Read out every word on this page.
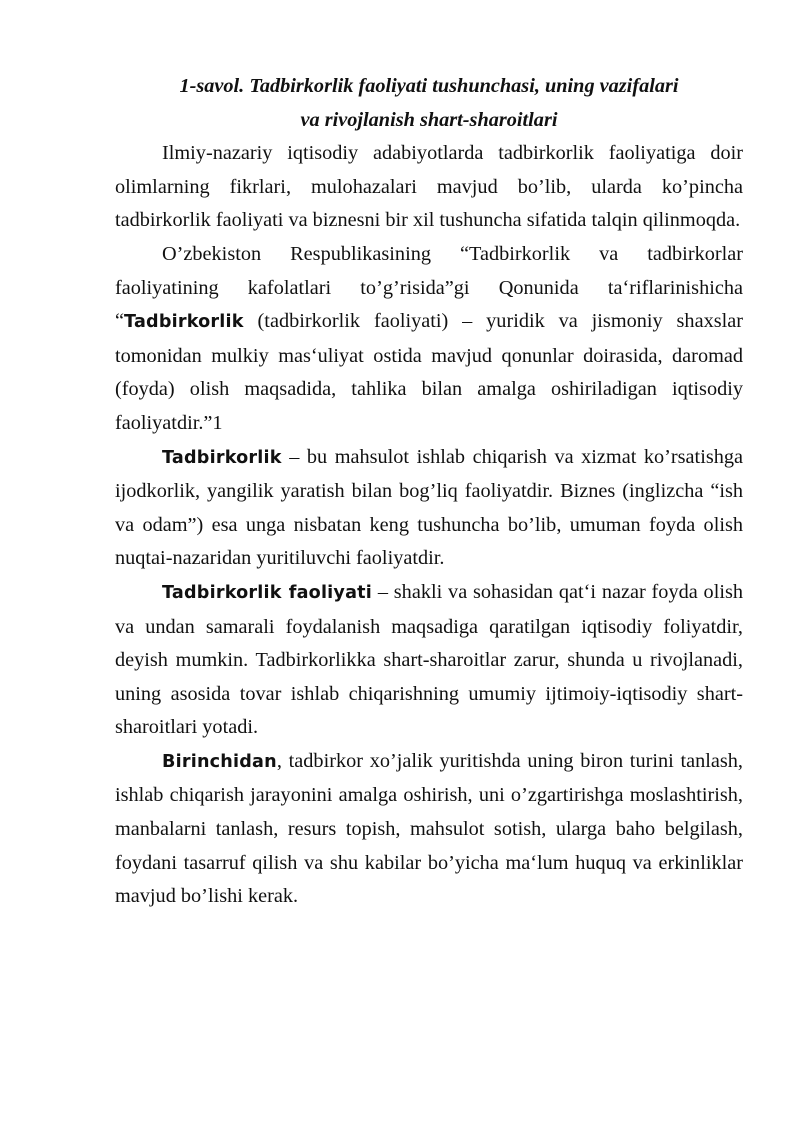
1-savol. Tadbirkorlik faoliyati tushunchasi, uning vazifalari
va rivojlanish shart-sharoitlari

Ilmiy-nazariy iqtisodiy adabiyotlarda tadbirkorlik faoliyatiga doir olimlarning fikrlari, mulohazalari mavjud bo’lib, ularda ko’pincha tadbirkorlik faoliyati va biznesni bir xil tushuncha sifatida talqin qilinmoqda.

O’zbekiston Respublikasining “Tadbirkorlik va tadbirkorlar faoliyatining kafolatlari to’g’risida”gi Qonunida ta‘riflarinishicha “Tadbirkorlik (tadbirkorlik faoliyati) – yuridik va jismoniy shaxslar tomonidan mulkiy mas‘uliyat ostida mavjud qonunlar doirasida, daromad (foyda) olish maqsadida, tahlika bilan amalga oshiriladigan iqtisodiy faoliyatdir.”1

Tadbirkorlik – bu mahsulot ishlab chiqarish va xizmat ko’rsatishga ijodkorlik, yangilik yaratish bilan bog’liq faoliyatdir. Biznes (inglizcha “ish va odam”) esa unga nisbatan keng tushuncha bo’lib, umuman foyda olish nuqtai-nazaridan yuritiluvchi faoliyatdir.

Tadbirkorlik faoliyati – shakli va sohasidan qat‘i nazar foyda olish va undan samarali foydalanish maqsadiga qaratilgan iqtisodiy foliyatdir, deyish mumkin. Tadbirkorlikka shart-sharoitlar zarur, shunda u rivojlanadi, uning asosida tovar ishlab chiqarishning umumiy ijtimoiy-iqtisodiy shart-sharoitlari yotadi.

Birinchidan, tadbirkor xo’jalik yuritishda uning biron turini tanlash, ishlab chiqarish jarayonini amalga oshirish, uni o’zgartirishga moslashtirish, manbalarni tanlash, resurs topish, mahsulot sotish, ularga baho belgilash, foydani tasarruf qilish va shu kabilar bo’yicha ma‘lum huquq va erkinliklar mavjud bo’lishi kerak.
